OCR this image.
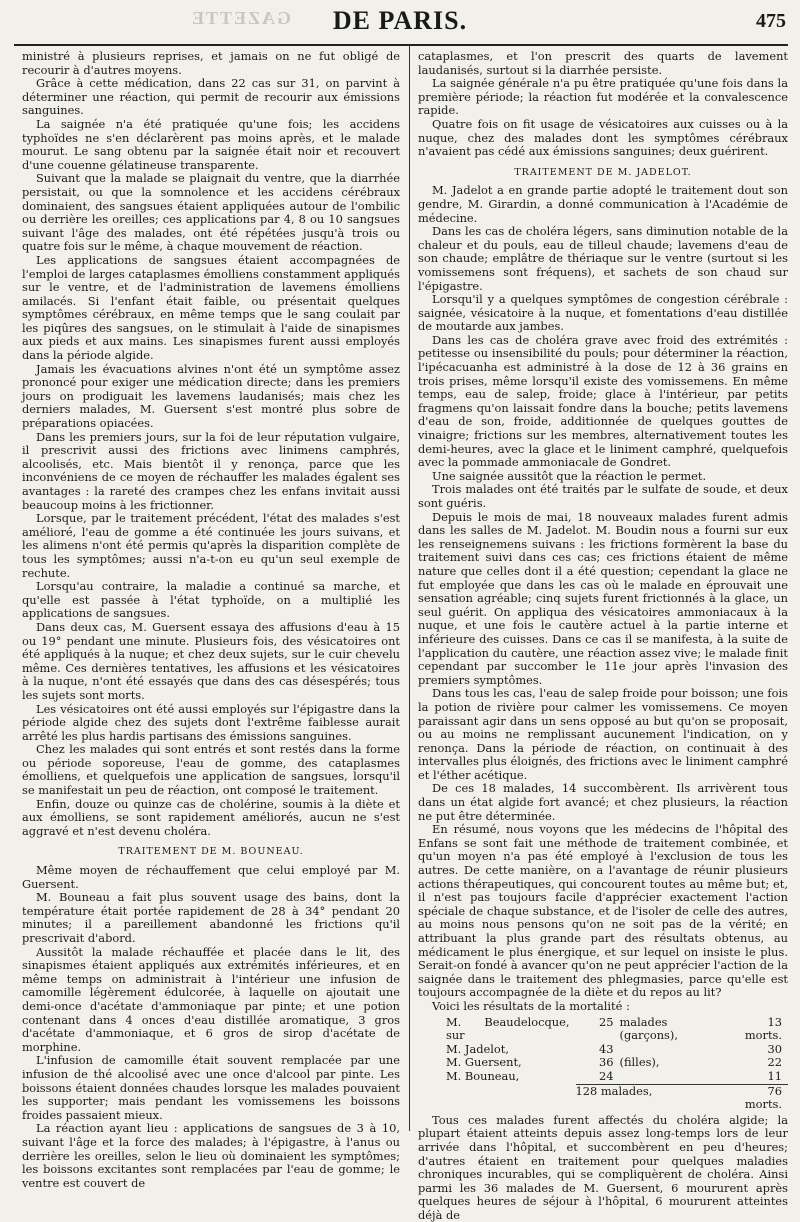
GAZETTE	DE PARIS.	475

ministré à plusieurs reprises, et jamais on ne fut obligé de recourir à d'autres moyens.

Grâce à cette médication, dans 22 cas sur 31, on parvint à déterminer une réaction, qui permit de recourir aux émissions sanguines.

La saignée n'a été pratiquée qu'une fois; les accidens typhoïdes ne s'en déclarèrent pas moins après, et le malade mourut. Le sang obtenu par la saignée était noir et recouvert d'une couenne gélatineuse transparente.

Suivant que la malade se plaignait du ventre, que la diarrhée persistait, ou que la somnolence et les accidens cérébraux dominaient, des sangsues étaient appliquées autour de l'ombilic ou derrière les oreilles; ces applications par 4, 8 ou 10 sangsues suivant l'âge des malades, ont été répétées jusqu'à trois ou quatre fois sur le même, à chaque mouvement de réaction.

Les applications de sangsues étaient accompagnées de l'emploi de larges cataplasmes émolliens constamment appliqués sur le ventre, et de l'administration de lavemens émolliens amilacés. Si l'enfant était faible, ou présentait quelques symptômes cérébraux, en même temps que le sang coulait par les piqûres des sangsues, on le stimulait à l'aide de sinapismes aux pieds et aux mains. Les sinapismes furent aussi employés dans la période algide.

Jamais les évacuations alvines n'ont été un symptôme assez prononcé pour exiger une médication directe; dans les premiers jours on prodiguait les lavemens laudanisés; mais chez les derniers malades, M. Guersent s'est montré plus sobre de préparations opiacées.

Dans les premiers jours, sur la foi de leur réputation vulgaire, il prescrivit aussi des frictions avec linimens camphrés, alcoolisés, etc. Mais bientôt il y renonça, parce que les inconvéniens de ce moyen de réchauffer les malades égalent ses avantages : la rareté des crampes chez les enfans invitait aussi beaucoup moins à les frictionner.

Lorsque, par le traitement précédent, l'état des malades s'est amélioré, l'eau de gomme a été continuée les jours suivans, et les alimens n'ont été permis qu'après la disparition complète de tous les symptômes; aussi n'a-t-on eu qu'un seul exemple de rechute.

Lorsqu'au contraire, la maladie a continué sa marche, et qu'elle est passée à l'état typhoïde, on a multiplié les applications de sangsues.

Dans deux cas, M. Guersent essaya des affusions d'eau à 15 ou 19° pendant une minute. Plusieurs fois, des vésicatoires ont été appliqués à la nuque; et chez deux sujets, sur le cuir chevelu même. Ces dernières tentatives, les affusions et les vésicatoires à la nuque, n'ont été essayés que dans des cas désespérés; tous les sujets sont morts.

Les vésicatoires ont été aussi employés sur l'épigastre dans la période algide chez des sujets dont l'extrême faiblesse aurait arrêté les plus hardis partisans des émissions sanguines.

Chez les malades qui sont entrés et sont restés dans la forme ou période soporeuse, l'eau de gomme, des cataplasmes émolliens, et quelquefois une application de sangsues, lorsqu'il se manifestait un peu de réaction, ont composé le traitement.

Enfin, douze ou quinze cas de cholérine, soumis à la diète et aux émolliens, se sont rapidement améliorés, aucun ne s'est aggravé et n'est devenu choléra.

TRAITEMENT DE M. BOUNEAU.

Même moyen de réchauffement que celui employé par M. Guersent.

M. Bouneau a fait plus souvent usage des bains, dont la température était portée rapidement de 28 à 34° pendant 20 minutes; il a pareillement abandonné les frictions qu'il prescrivait d'abord.

Aussitôt la malade réchauffée et placée dans le lit, des sinapismes étaient appliqués aux extrémités inférieures, et en même temps on administrait à l'intérieur une infusion de camomille légèrement édulcorée, à laquelle on ajoutait une demi-once d'acétate d'ammoniaque par pinte; et une potion contenant dans 4 onces d'eau distillée aromatique, 3 gros d'acétate d'ammoniaque, et 6 gros de sirop d'acétate de morphine.

L'infusion de camomille était souvent remplacée par une infusion de thé alcoolisé avec une once d'alcool par pinte. Les boissons étaient données chaudes lorsque les malades pouvaient les supporter; mais pendant les vomissemens les boissons froides passaient mieux.

La réaction ayant lieu : applications de sangsues de 3 à 10, suivant l'âge et la force des malades; à l'épigastre, à l'anus ou derrière les oreilles, selon le lieu où dominaient les symptômes; les boissons excitantes sont remplacées par l'eau de gomme; le ventre est couvert de

cataplasmes, et l'on prescrit des quarts de lavement laudanisés, surtout si la diarrhée persiste.

La saignée générale n'a pu être pratiquée qu'une fois dans la première période; la réaction fut modérée et la convalescence rapide.

Quatre fois on fit usage de vésicatoires aux cuisses ou à la nuque, chez des malades dont les symptômes cérébraux n'avaient pas cédé aux émissions sanguines; deux guérirent.

TRAITEMENT DE M. JADELOT.

M. Jadelot a en grande partie adopté le traitement dout son gendre, M. Girardin, a donné communication à l'Académie de médecine.

Dans les cas de choléra légers, sans diminution notable de la chaleur et du pouls, eau de tilleul chaude; lavemens d'eau de son chaude; emplâtre de thériaque sur le ventre (surtout si les vomissemens sont fréquens), et sachets de son chaud sur l'épigastre.

Lorsqu'il y a quelques symptômes de congestion cérébrale : saignée, vésicatoire à la nuque, et fomentations d'eau distillée de moutarde aux jambes.

Dans les cas de choléra grave avec froid des extrémités : petitesse ou insensibilité du pouls; pour déterminer la réaction, l'ipécacuanha est administré à la dose de 12 à 36 grains en trois prises, même lorsqu'il existe des vomissemens. En même temps, eau de salep, froide; glace à l'intérieur, par petits fragmens qu'on laissait fondre dans la bouche; petits lavemens d'eau de son, froide, additionnée de quelques gouttes de vinaigre; frictions sur les membres, alternativement toutes les demi-heures, avec la glace et le liniment camphré, quelquefois avec la pommade ammoniacale de Gondret.

Une saignée aussitôt que la réaction le permet.

Trois malades ont été traités par le sulfate de soude, et deux sont guéris.

Depuis le mois de mai, 18 nouveaux malades furent admis dans les salles de M. Jadelot. M. Boudin nous a fourni sur eux les renseignemens suivans : les frictions formèrent la base du traitement suivi dans ces cas; ces frictions étaient de même nature que celles dont il a été question; cependant la glace ne fut employée que dans les cas où le malade en éprouvait une sensation agréable; cinq sujets furent frictionnés à la glace, un seul guérit. On appliqua des vésicatoires ammoniacaux à la nuque, et une fois le cautère actuel à la partie interne et inférieure des cuisses. Dans ce cas il se manifesta, à la suite de l'application du cautère, une réaction assez vive; le malade finit cependant par succomber le 11e jour après l'invasion des premiers symptômes.

Dans tous les cas, l'eau de salep froide pour boisson; une fois la potion de rivière pour calmer les vomissemens. Ce moyen paraissant agir dans un sens opposé au but qu'on se proposait, ou au moins ne remplissant aucunement l'indication, on y renonça. Dans la période de réaction, on continuait à des intervalles plus éloignés, des frictions avec le liniment camphré et l'éther acétique.

De ces 18 malades, 14 succombèrent. Ils arrivèrent tous dans un état algide fort avancé; et chez plusieurs, la réaction ne put être déterminée.

En résumé, nous voyons que les médecins de l'hôpital des Enfans se sont fait une méthode de traitement combinée, et qu'un moyen n'a pas été employé à l'exclusion de tous les autres. De cette manière, on a l'avantage de réunir plusieurs actions thérapeutiques, qui concourent toutes au même but; et, il n'est pas toujours facile d'apprécier exactement l'action spéciale de chaque substance, et de l'isoler de celle des autres, au moins nous pensons qu'on ne soit pas de la vérité; en attribuant la plus grande part des résultats obtenus, au médicament le plus énergique, et sur lequel on insiste le plus. Serait-on fondé à avancer qu'on ne peut apprécier l'action de la saignée dans le traitement des phlegmasies, parce qu'elle est toujours accompagnée de la diète et du repos au lit?

Voici les résultats de la mortalité :

M. Beaudelocque, sur	25	malades (garçons),	13 morts.
M. Jadelot,	43		30
M. Guersent,	36	(filles),	22
M. Bouneau,	24		11
	128 malades,		76 morts.

Tous ces malades furent affectés du choléra algide; la plupart étaient atteints depuis assez long-temps lors de leur arrivée dans l'hôpital, et succombèrent en peu d'heures; d'autres étaient en traitement pour quelques maladies chroniques incurables, qui se compliquèrent de choléra. Ainsi parmi les 36 malades de M. Guersent, 6 moururent après quelques heures de séjour à l'hôpital, 6 moururent atteintes déjà de
